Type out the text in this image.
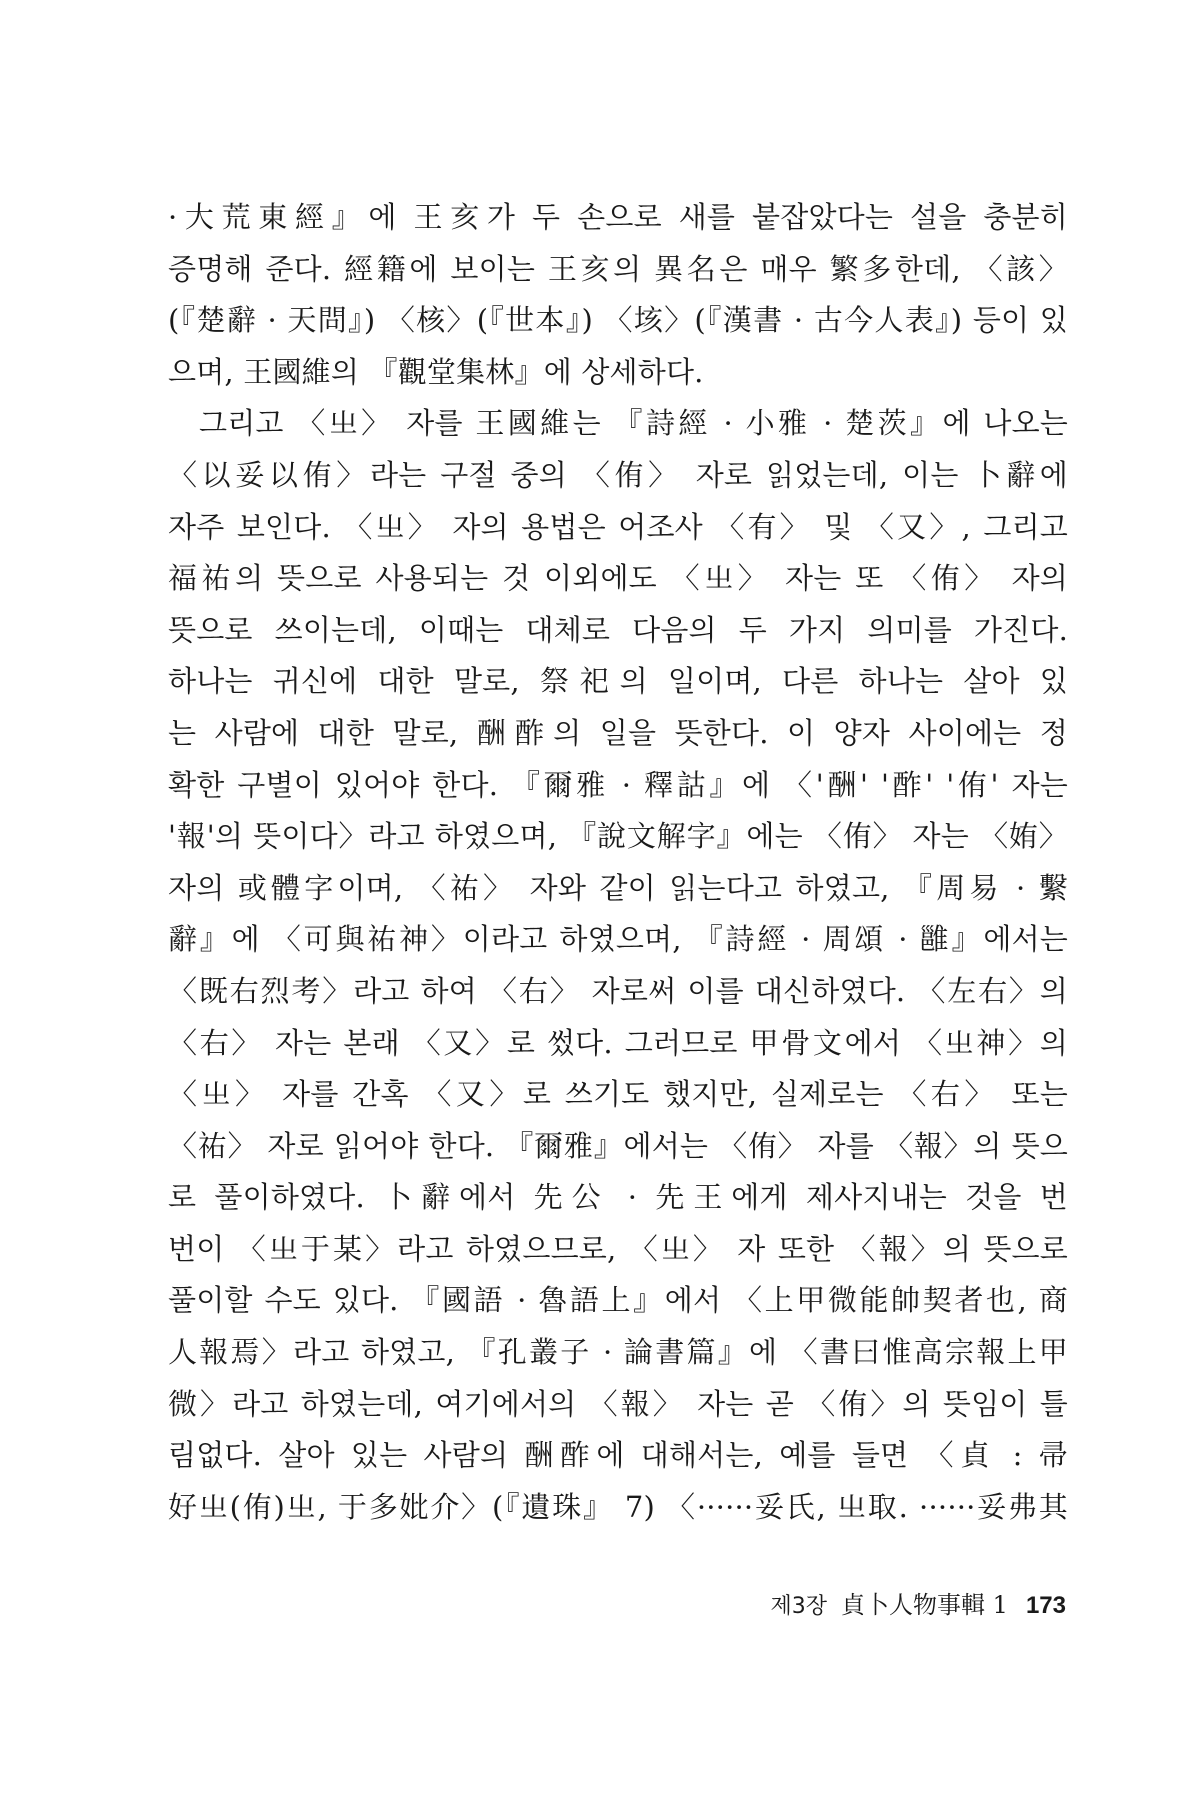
·大荒東經』에 王亥가 두 손으로 새를 붙잡았다는 설을 충분히
증명해 준다. 經籍에 보이는 王亥의 異名은 매우 繁多한데, 〈該〉
(『楚辭 · 天問』) 〈核〉(『世本』) 〈垓〉(『漢書 · 古今人表』) 등이 있
으며, 王國維의 『觀堂集林』에 상세하다.
그리고 〈㞢〉 자를 王國維는 『詩經 · 小雅 · 楚茨』에 나오는
〈以妥以侑〉라는 구절 중의 〈侑〉 자로 읽었는데, 이는 卜辭에
자주 보인다. 〈㞢〉 자의 용법은 어조사 〈有〉 및 〈又〉, 그리고
福祐의 뜻으로 사용되는 것 이외에도 〈㞢〉 자는 또 〈侑〉 자의
뜻으로 쓰이는데, 이때는 대체로 다음의 두 가지 의미를 가진다.
하나는 귀신에 대한 말로, 祭祀의 일이며, 다른 하나는 살아 있
는 사람에 대한 말로, 酬酢의 일을 뜻한다. 이 양자 사이에는 정
확한 구별이 있어야 한다. 『爾雅 · 釋詁』에 〈'酬' '酢' '侑' 자는
'報'의 뜻이다〉라고 하였으며, 『說文解字』에는 〈侑〉 자는 〈姷〉
자의 或體字이며, 〈祐〉 자와 같이 읽는다고 하였고, 『周易 · 繫
辭』에 〈可與祐神〉이라고 하였으며, 『詩經 · 周頌 · 雝』에서는
〈既右烈考〉라고 하여 〈右〉 자로써 이를 대신하였다. 〈左右〉의
〈右〉 자는 본래 〈又〉로 썼다. 그러므로 甲骨文에서 〈㞢神〉의
〈㞢〉 자를 간혹 〈又〉로 쓰기도 했지만, 실제로는 〈右〉 또는
〈祐〉 자로 읽어야 한다. 『爾雅』에서는 〈侑〉 자를 〈報〉의 뜻으
로 풀이하였다. 卜辭에서 先公 · 先王에게 제사지내는 것을 번
번이 〈㞢于某〉라고 하였으므로, 〈㞢〉 자 또한 〈報〉의 뜻으로
풀이할 수도 있다. 『國語 · 魯語上』에서 〈上甲微能帥契者也, 商
人報焉〉라고 하였고, 『孔叢子 · 論書篇』에 〈書曰惟高宗報上甲
微〉라고 하였는데, 여기에서의 〈報〉 자는 곧 〈侑〉의 뜻임이 틀
림없다. 살아 있는 사람의 酬酢에 대해서는, 예를 들면 〈貞 : 帚
好㞢(侑)㞢, 于多妣介〉(『遺珠』 7) 〈······妥氏, 㞢取. ······妥弗其
제3장 貞卜人物事輯 1 173
